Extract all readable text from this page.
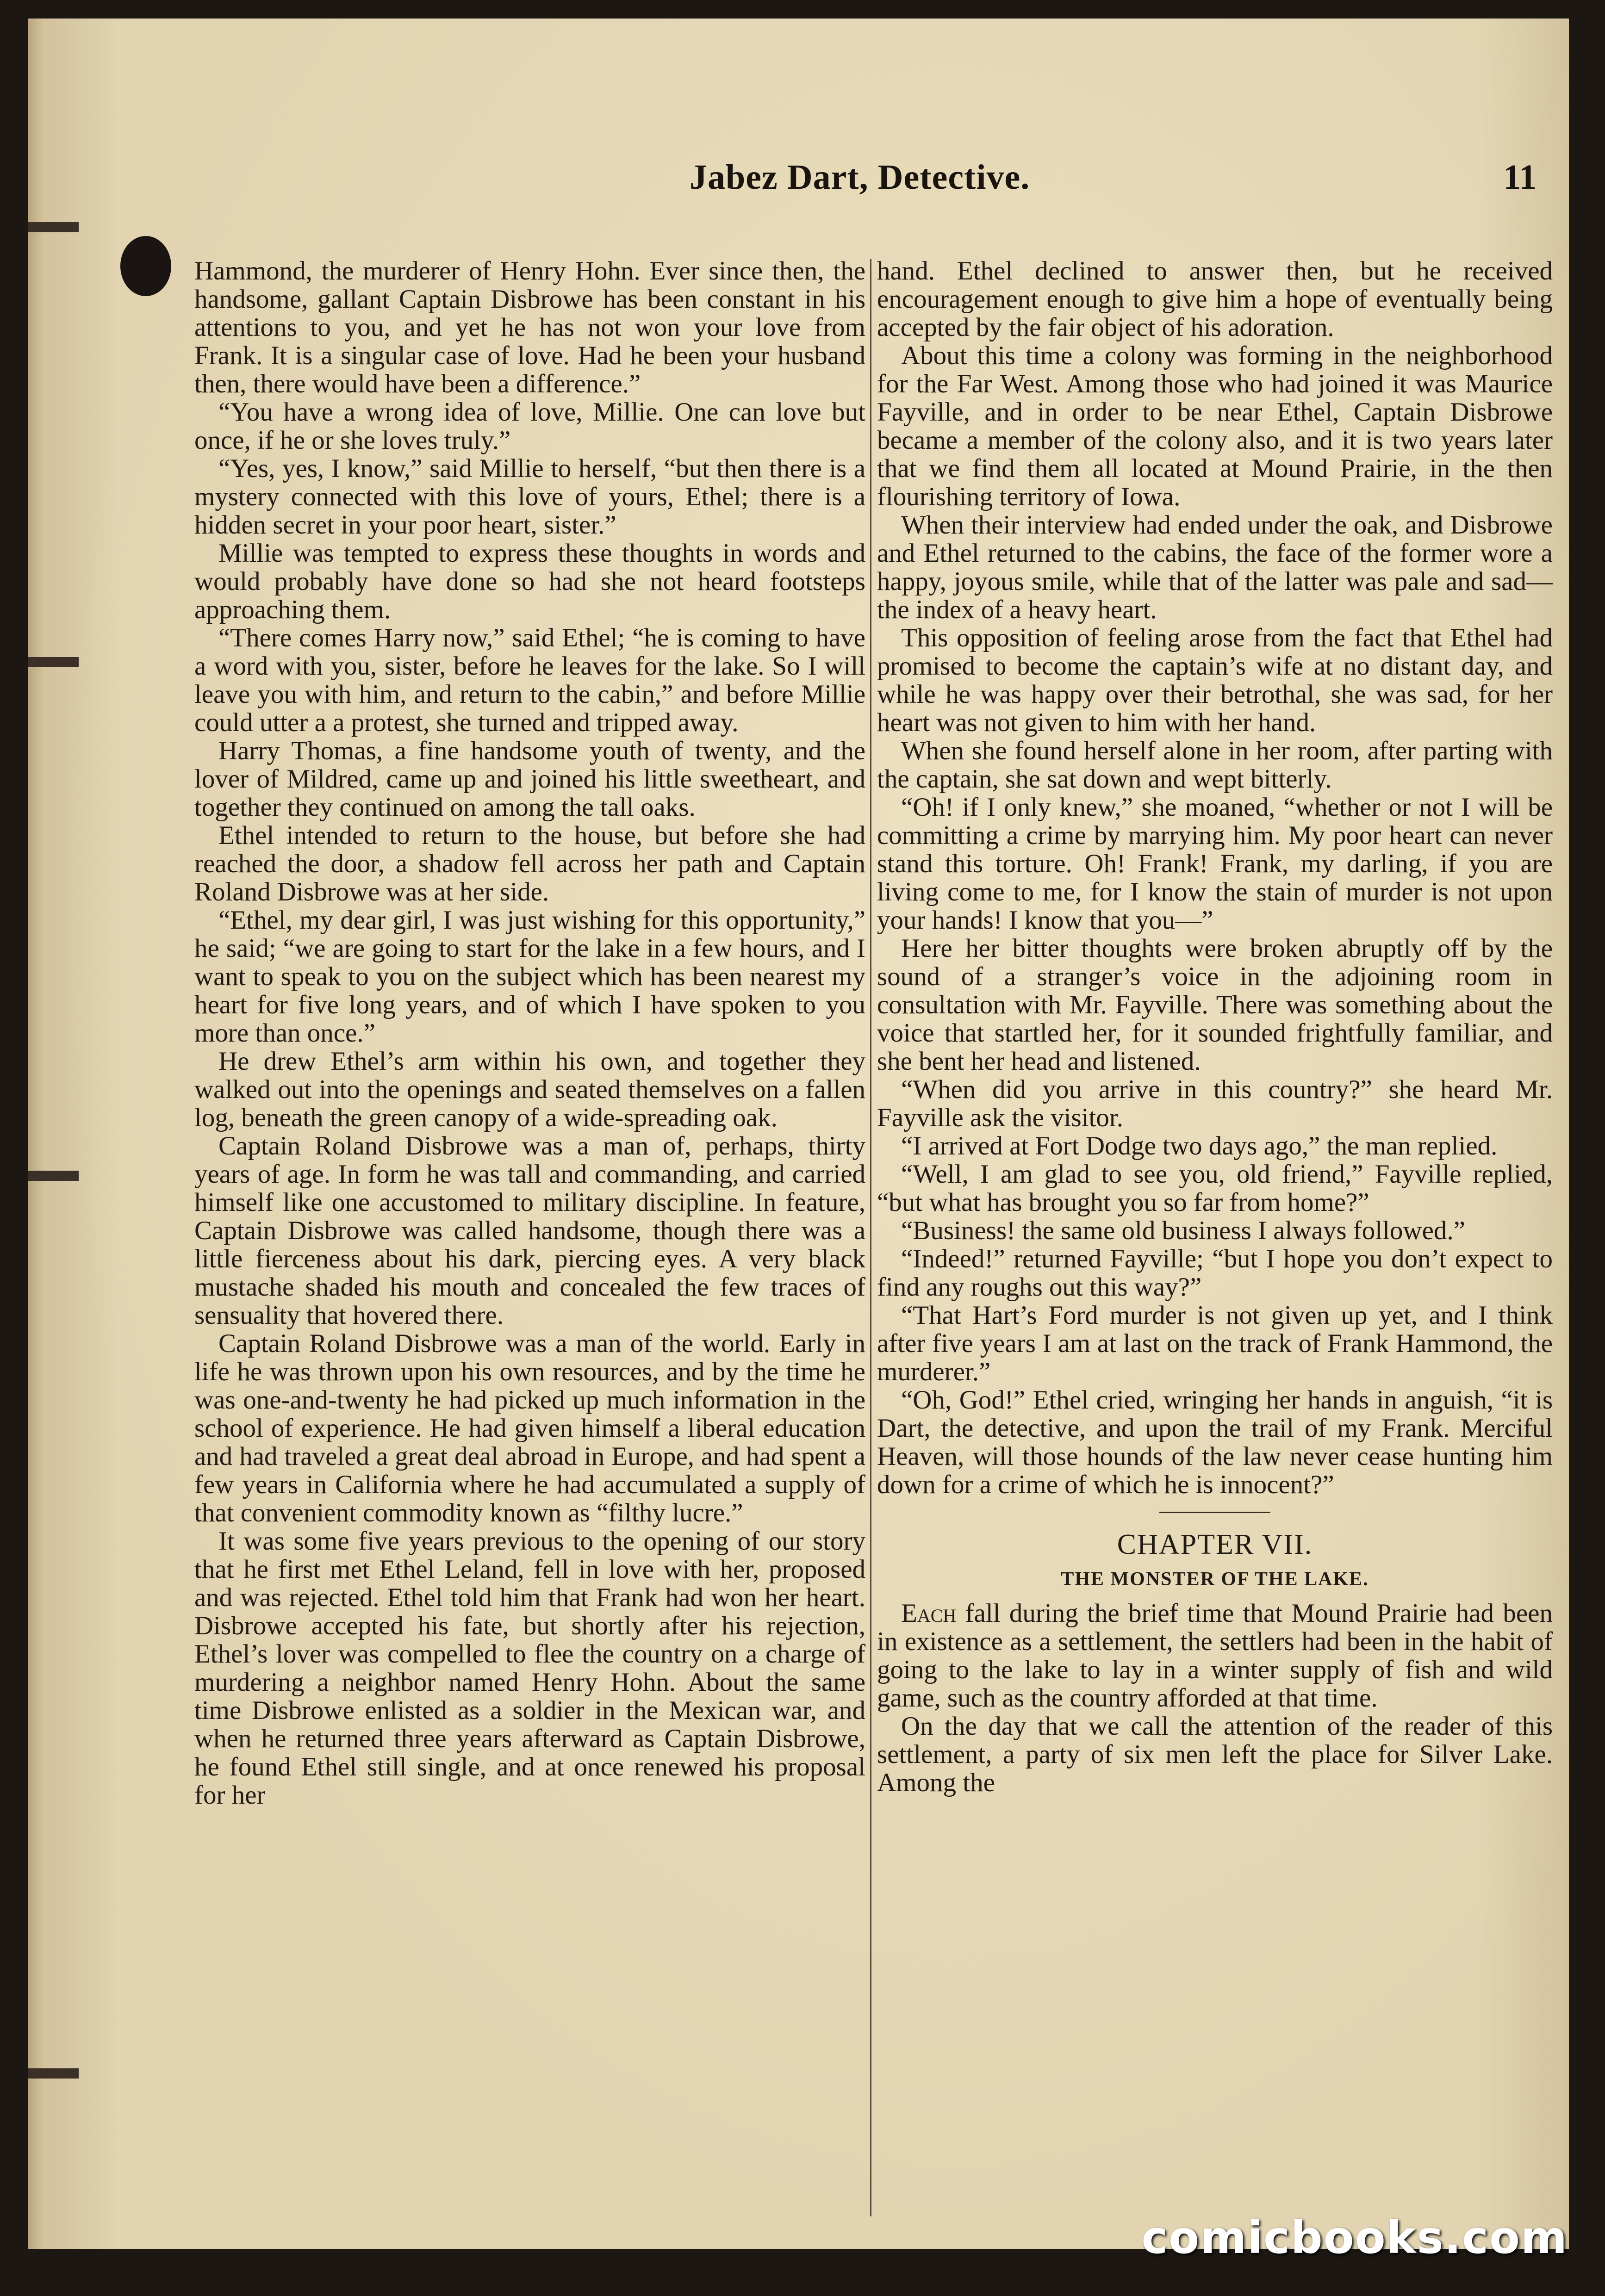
Jabez Dart, Detective.	11

Hammond, the murderer of Henry Hohn. Ever since then, the handsome, gallant Captain Disbrowe has been constant in his attentions to you, and yet he has not won your love from Frank. It is a singular case of love. Had he been your husband then, there would have been a difference.”

“You have a wrong idea of love, Millie. One can love but once, if he or she loves truly.”

“Yes, yes, I know,” said Millie to herself, “but then there is a mystery connected with this love of yours, Ethel; there is a hidden secret in your poor heart, sister.”

Millie was tempted to express these thoughts in words and would probably have done so had she not heard footsteps approaching them.

“There comes Harry now,” said Ethel; “he is coming to have a word with you, sister, before he leaves for the lake. So I will leave you with him, and return to the cabin,” and before Millie could utter a a protest, she turned and tripped away.

Harry Thomas, a fine handsome youth of twenty, and the lover of Mildred, came up and joined his little sweetheart, and together they continued on among the tall oaks.

Ethel intended to return to the house, but before she had reached the door, a shadow fell across her path and Captain Roland Disbrowe was at her side.

“Ethel, my dear girl, I was just wishing for this opportunity,” he said; “we are going to start for the lake in a few hours, and I want to speak to you on the subject which has been nearest my heart for five long years, and of which I have spoken to you more than once.”

He drew Ethel’s arm within his own, and together they walked out into the openings and seated themselves on a fallen log, beneath the green canopy of a wide-spreading oak.

Captain Roland Disbrowe was a man of, perhaps, thirty years of age. In form he was tall and commanding, and carried himself like one accustomed to military discipline. In feature, Captain Disbrowe was called handsome, though there was a little fierceness about his dark, piercing eyes. A very black mustache shaded his mouth and concealed the few traces of sensuality that hovered there.

Captain Roland Disbrowe was a man of the world. Early in life he was thrown upon his own resources, and by the time he was one-and-twenty he had picked up much information in the school of experience. He had given himself a liberal education and had traveled a great deal abroad in Europe, and had spent a few years in California where he had accumulated a supply of that convenient commodity known as “filthy lucre.”

It was some five years previous to the opening of our story that he first met Ethel Leland, fell in love with her, proposed and was rejected. Ethel told him that Frank had won her heart. Disbrowe accepted his fate, but shortly after his rejection, Ethel’s lover was compelled to flee the country on a charge of murdering a neighbor named Henry Hohn. About the same time Disbrowe enlisted as a soldier in the Mexican war, and when he returned three years afterward as Captain Disbrowe, he found Ethel still single, and at once renewed his proposal for her

hand. Ethel declined to answer then, but he received encouragement enough to give him a hope of eventually being accepted by the fair object of his adoration.

About this time a colony was forming in the neighborhood for the Far West. Among those who had joined it was Maurice Fayville, and in order to be near Ethel, Captain Disbrowe became a member of the colony also, and it is two years later that we find them all located at Mound Prairie, in the then flourishing territory of Iowa.

When their interview had ended under the oak, and Disbrowe and Ethel returned to the cabins, the face of the former wore a happy, joyous smile, while that of the latter was pale and sad—the index of a heavy heart.

This opposition of feeling arose from the fact that Ethel had promised to become the captain’s wife at no distant day, and while he was happy over their betrothal, she was sad, for her heart was not given to him with her hand.

When she found herself alone in her room, after parting with the captain, she sat down and wept bitterly.

“Oh! if I only knew,” she moaned, “whether or not I will be committing a crime by marrying him. My poor heart can never stand this torture. Oh! Frank! Frank, my darling, if you are living come to me, for I know the stain of murder is not upon your hands! I know that you—”

Here her bitter thoughts were broken abruptly off by the sound of a stranger’s voice in the adjoining room in consultation with Mr. Fayville. There was something about the voice that startled her, for it sounded frightfully familiar, and she bent her head and listened.

“When did you arrive in this country?” she heard Mr. Fayville ask the visitor.

“I arrived at Fort Dodge two days ago,” the man replied.

“Well, I am glad to see you, old friend,” Fayville replied, “but what has brought you so far from home?”

“Business! the same old business I always followed.”

“Indeed!” returned Fayville; “but I hope you don’t expect to find any roughs out this way?”

“That Hart’s Ford murder is not given up yet, and I think after five years I am at last on the track of Frank Hammond, the murderer.”

“Oh, God!” Ethel cried, wringing her hands in anguish, “it is Dart, the detective, and upon the trail of my Frank. Merciful Heaven, will those hounds of the law never cease hunting him down for a crime of which he is innocent?”

CHAPTER VII.
THE MONSTER OF THE LAKE.

Each fall during the brief time that Mound Prairie had been in existence as a settlement, the settlers had been in the habit of going to the lake to lay in a winter supply of fish and wild game, such as the country afforded at that time.

On the day that we call the attention of the reader of this settlement, a party of six men left the place for Silver Lake. Among the

comicbooks.com
